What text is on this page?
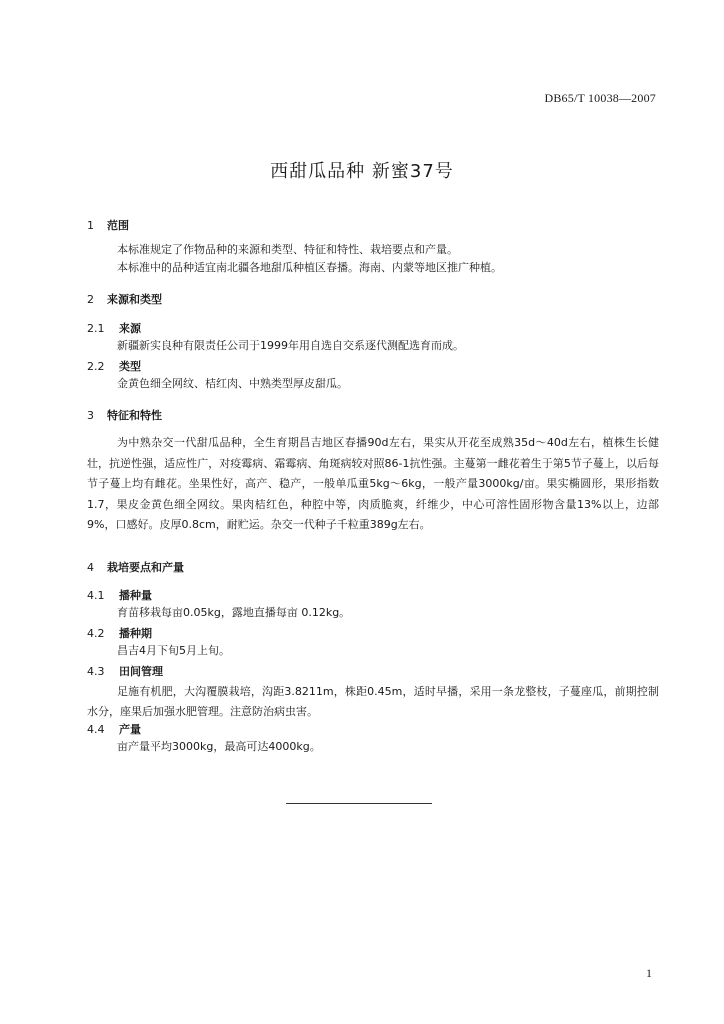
DB65/T 10038—2007
西甜瓜品种 新蜜37号
1 范围
本标准规定了作物品种的来源和类型、特征和特性、栽培要点和产量。
本标准中的品种适宜南北疆各地甜瓜种植区春播。海南、内蒙等地区推广种植。
2 来源和类型
2.1 来源
新疆新实良种有限责任公司于1999年用自选自交系逐代测配选育而成。
2.2 类型
金黄色细全网纹、桔红肉、中熟类型厚皮甜瓜。
3 特征和特性

为中熟杂交一代甜瓜品种，全生育期昌吉地区春播90d左右，果实从开花至成熟35d～40d左右，植株生长健壮，抗逆性强，适应性广，对疫霉病、霜霉病、角斑病较对照86-1抗性强。主蔓第一雌花着生于第5节子蔓上，以后每节子蔓上均有雌花。坐果性好，高产、稳产，一般单瓜重5kg～6kg，一般产量3000kg/亩。果实椭圆形，果形指数1.7，果皮金黄色细全网纹。果肉桔红色，种腔中等，肉质脆爽，纤维少，中心可溶性固形物含量13%以上，边部9%，口感好。皮厚0.8cm，耐贮运。杂交一代种子千粒重389g左右。

4 栽培要点和产量
4.1 播种量
育苗移栽每亩0.05kg，露地直播每亩 0.12kg。
4.2 播种期
昌吉4月下旬5月上旬。
4.3 田间管理

足施有机肥，大沟覆膜栽培，沟距3.8211m，株距0.45m，适时早播，采用一条龙整枝，子蔓座瓜，前期控制水分，座果后加强水肥管理。注意防治病虫害。

4.4 产量
亩产量平均3000kg，最高可达4000kg。
1
